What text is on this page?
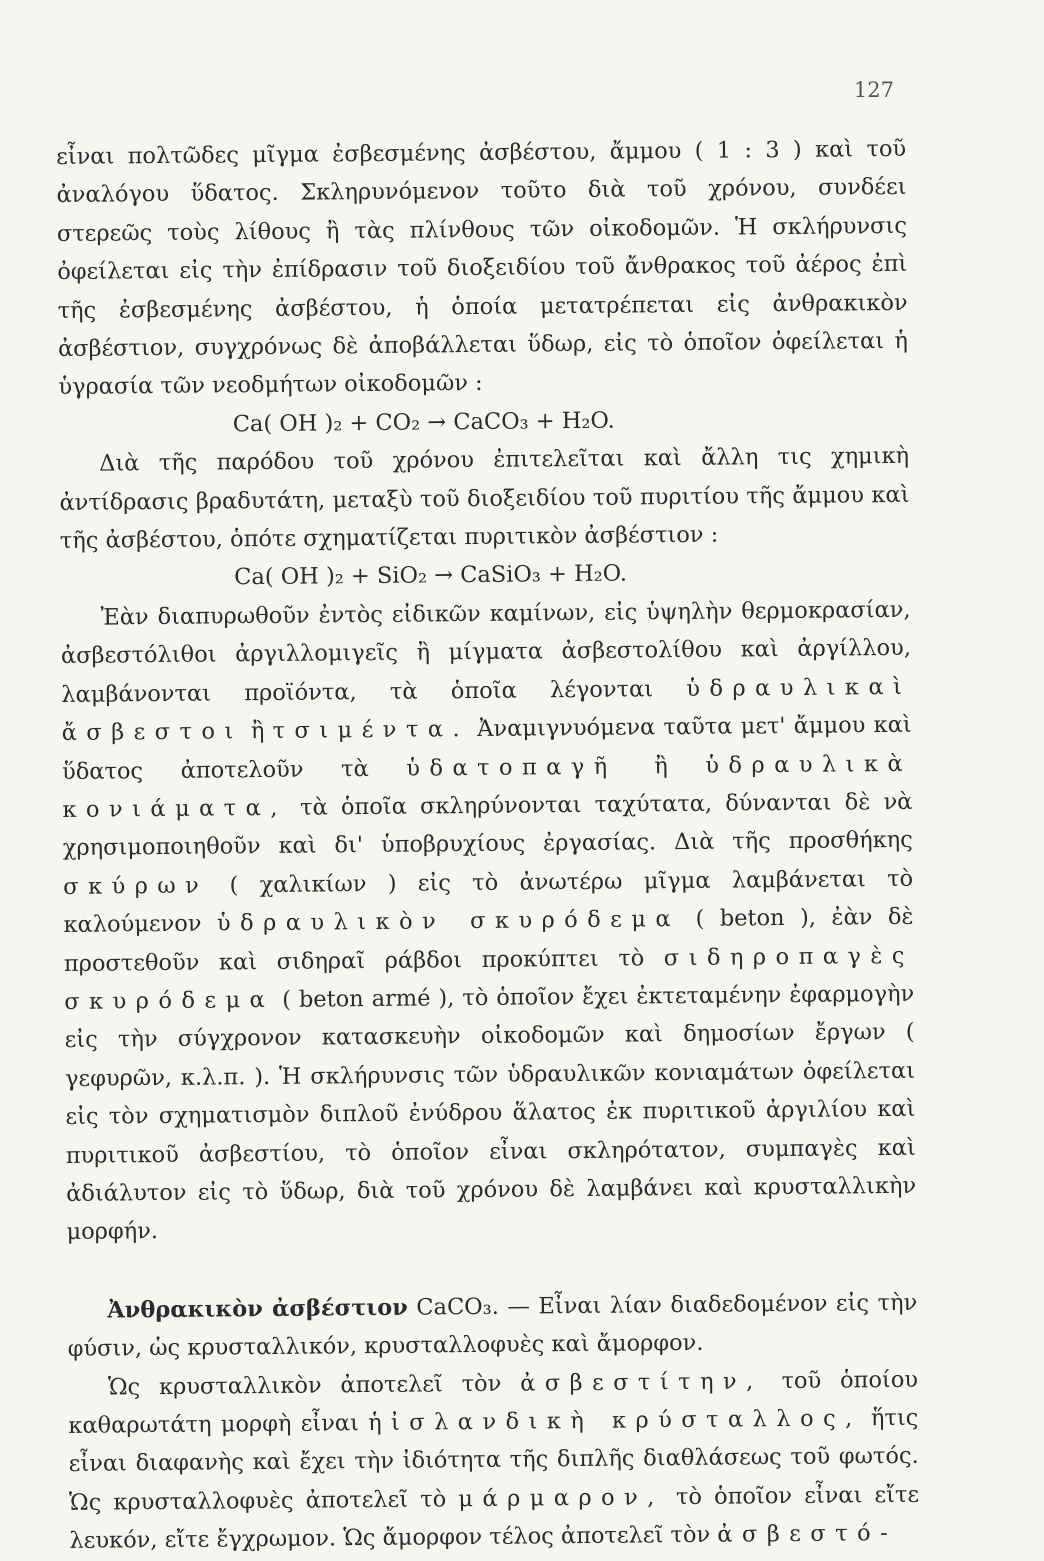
127

εἶναι πολτῶδες μῖγμα ἐσβεσμένης ἀσβέστου, ἄμμου ( 1 : 3 ) καὶ τοῦ ἀναλόγου ὕδατος. Σκληρυνόμενον τοῦτο διὰ τοῦ χρόνου, συνδέει στερεῶς τοὺς λίθους ἢ τὰς πλίνθους τῶν οἰκοδομῶν. Ἡ σκλήρυνσις ὀφείλεται εἰς τὴν ἐπίδρασιν τοῦ διοξειδίου τοῦ ἄνθρακος τοῦ ἀέρος ἐπὶ τῆς ἐσβεσμένης ἀσβέστου, ἡ ὁποία μετατρέπεται εἰς ἀνθρακικὸν ἀσβέστιον, συγχρόνως δὲ ἀποβάλλεται ὕδωρ, εἰς τὸ ὁποῖον ὀφείλεται ἡ ὑγρασία τῶν νεοδμήτων οἰκοδομῶν :

Ca( OH )₂ + CO₂ → CaCO₃ + H₂O.

Διὰ τῆς παρόδου τοῦ χρόνου ἐπιτελεῖται καὶ ἄλλη τις χημικὴ ἀντίδρασις βραδυτάτη, μεταξὺ τοῦ διοξειδίου τοῦ πυριτίου τῆς ἄμμου καὶ τῆς ἀσβέστου, ὁπότε σχηματίζεται πυριτικὸν ἀσβέστιον :

Ca( OH )₂ + SiO₂ → CaSiO₃ + H₂O.

Ἐὰν διαπυρωθοῦν ἐντὸς εἰδικῶν καμίνων, εἰς ὑψηλὴν θερμοκρασίαν, ἀσβεστόλιθοι ἀργιλλομιγεῖς ἢ μίγματα ἀσβεστολίθου καὶ ἀργίλλου, λαμβάνονται προϊόντα, τὰ ὁποῖα λέγονται ὑδραυλικαὶ ἄσβεστοι ἢ τσιμέντα. Ἀναμιγνυόμενα ταῦτα μετ' ἄμμου καὶ ὕδατος ἀποτελοῦν τὰ ὑδατοπαγῆ ἢ ὑδραυλικὰ κονιάματα, τὰ ὁποῖα σκληρύνονται ταχύτατα, δύνανται δὲ νὰ χρησιμοποιηθοῦν καὶ δι' ὑποβρυχίους ἐργασίας. Διὰ τῆς προσθήκης σκύρων ( χαλικίων ) εἰς τὸ ἀνωτέρω μῖγμα λαμβάνεται τὸ καλούμενον ὑδραυλικὸν σκυρόδεμα ( beton ), ἐὰν δὲ προστεθοῦν καὶ σιδηραῖ ράβδοι προκύπτει τὸ σιδηροπαγὲς σκυρόδεμα ( beton armé ), τὸ ὁποῖον ἔχει ἐκτεταμένην ἐφαρμογὴν εἰς τὴν σύγχρονον κατασκευὴν οἰκοδομῶν καὶ δημοσίων ἔργων ( γεφυρῶν, κ.λ.π. ). Ἡ σκλήρυνσις τῶν ὑδραυλικῶν κονιαμάτων ὀφείλεται εἰς τὸν σχηματισμὸν διπλοῦ ἐνύδρου ἅλατος ἐκ πυριτικοῦ ἀργιλίου καὶ πυριτικοῦ ἀσβεστίου, τὸ ὁποῖον εἶναι σκληρότατον, συμπαγὲς καὶ ἀδιάλυτον εἰς τὸ ὕδωρ, διὰ τοῦ χρόνου δὲ λαμβάνει καὶ κρυσταλλικὴν μορφήν.

Ἀνθρακικὸν ἀσβέστιον CaCO₃. — Εἶναι λίαν διαδεδομένον εἰς τὴν φύσιν, ὡς κρυσταλλικόν, κρυσταλλοφυὲς καὶ ἄμορφον.

Ὡς κρυσταλλικὸν ἀποτελεῖ τὸν ἀσβεστίτην, τοῦ ὁποίου καθαρωτάτη μορφὴ εἶναι ἡ ἰσλανδικὴ κρύσταλλος, ἥτις εἶναι διαφανὴς καὶ ἔχει τὴν ἰδιότητα τῆς διπλῆς διαθλάσεως τοῦ φωτός. Ὡς κρυσταλλοφυὲς ἀποτελεῖ τὸ μάρμαρον, τὸ ὁποῖον εἶναι εἴτε λευκόν, εἴτε ἔγχρωμον. Ὡς ἄμορφον τέλος ἀποτελεῖ τὸν ἀσβεστό-
